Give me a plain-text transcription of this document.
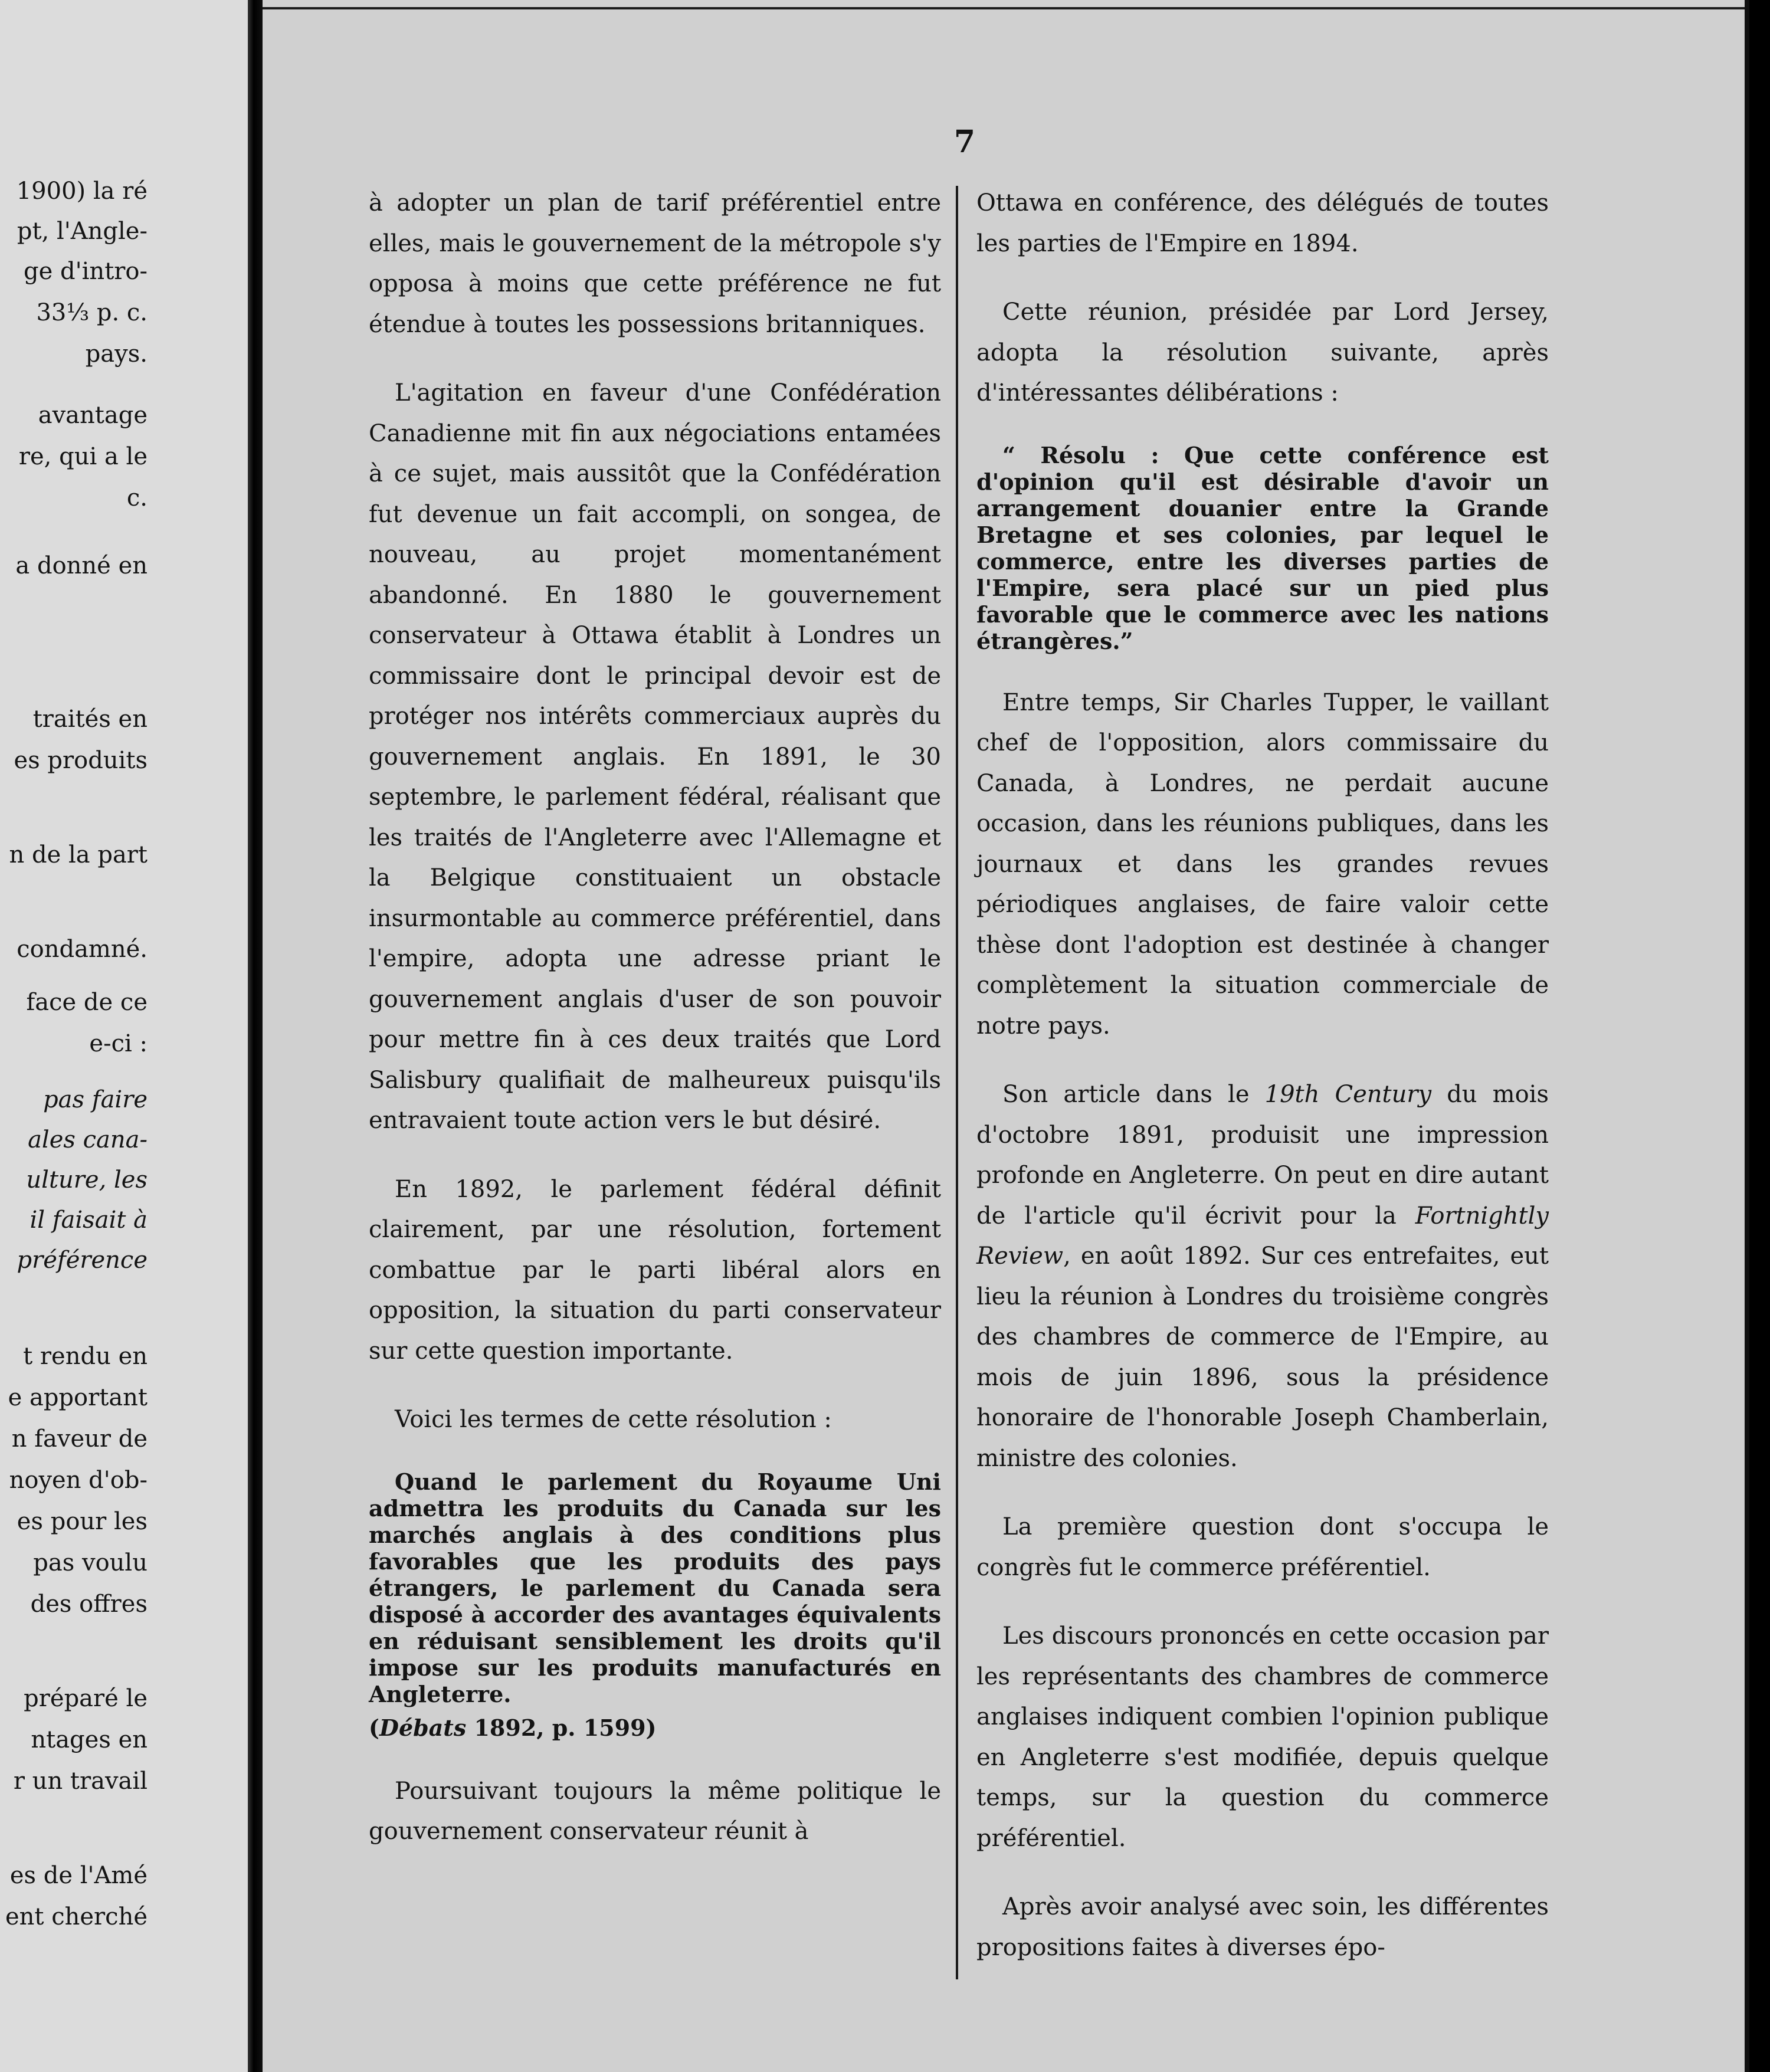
1900) la ré
pt, l'Angle-
ge d'intro-
33⅓ p. c.
pays.
avantage
re, qui a le
c.
a donné en
traités en
es produits
n de la part
condamné.
face de ce
e-ci :
pas faire
ales cana-
ulture, les
il faisait à
préférence
t rendu en
e apportant
n faveur de
noyen d'ob-
es pour les
pas voulu
des offres
préparé le
ntages en
r un travail
es de l'Amé
ent cherché
7

à adopter un plan de tarif préférentiel entre elles, mais le gouvernement de la métropole s'y opposa à moins que cette préférence ne fut étendue à toutes les possessions britanniques.

L'agitation en faveur d'une Confédération Canadienne mit fin aux négociations entamées à ce sujet, mais aussitôt que la Confédération fut devenue un fait accompli, on songea, de nouveau, au projet momentanément abandonné. En 1880 le gouvernement conservateur à Ottawa établit à Londres un commissaire dont le principal devoir est de protéger nos intérêts commerciaux auprès du gouvernement anglais. En 1891, le 30 septembre, le parlement fédéral, réalisant que les traités de l'Angleterre avec l'Allemagne et la Belgique constituaient un obstacle insurmontable au commerce préférentiel, dans l'empire, adopta une adresse priant le gouvernement anglais d'user de son pouvoir pour mettre fin à ces deux traités que Lord Salisbury qualifiait de malheureux puisqu'ils entravaient toute action vers le but désiré.

En 1892, le parlement fédéral définit clairement, par une résolution, fortement combattue par le parti libéral alors en opposition, la situation du parti conservateur sur cette question importante.

Voici les termes de cette résolution :

Quand le parlement du Royaume Uni admettra les produits du Canada sur les marchés anglais à des conditions plus favorables que les produits des pays étrangers, le parlement du Canada sera disposé à accorder des avantages équivalents en réduisant sensiblement les droits qu'il impose sur les produits manufacturés en Angleterre.
(Débats 1892, p. 1599)

Poursuivant toujours la même politique le gouvernement conservateur réunit à

Ottawa en conférence, des délégués de toutes les parties de l'Empire en 1894.

Cette réunion, présidée par Lord Jersey, adopta la résolution suivante, après d'intéressantes délibérations :

“ Résolu : Que cette conférence est d'opinion qu'il est désirable d'avoir un arrangement douanier entre la Grande Bretagne et ses colonies, par lequel le commerce, entre les diverses parties de l'Empire, sera placé sur un pied plus favorable que le commerce avec les nations étrangères.”

Entre temps, Sir Charles Tupper, le vaillant chef de l'opposition, alors commissaire du Canada, à Londres, ne perdait aucune occasion, dans les réunions publiques, dans les journaux et dans les grandes revues périodiques anglaises, de faire valoir cette thèse dont l'adoption est destinée à changer complètement la situation commerciale de notre pays.

Son article dans le 19th Century du mois d'octobre 1891, produisit une impression profonde en Angleterre. On peut en dire autant de l'article qu'il écrivit pour la Fortnightly Review, en août 1892. Sur ces entrefaites, eut lieu la réunion à Londres du troisième congrès des chambres de commerce de l'Empire, au mois de juin 1896, sous la présidence honoraire de l'honorable Joseph Chamberlain, ministre des colonies.

La première question dont s'occupa le congrès fut le commerce préférentiel.

Les discours prononcés en cette occasion par les représentants des chambres de commerce anglaises indiquent combien l'opinion publique en Angleterre s'est modifiée, depuis quelque temps, sur la question du commerce préférentiel.

Après avoir analysé avec soin, les différentes propositions faites à diverses épo-
